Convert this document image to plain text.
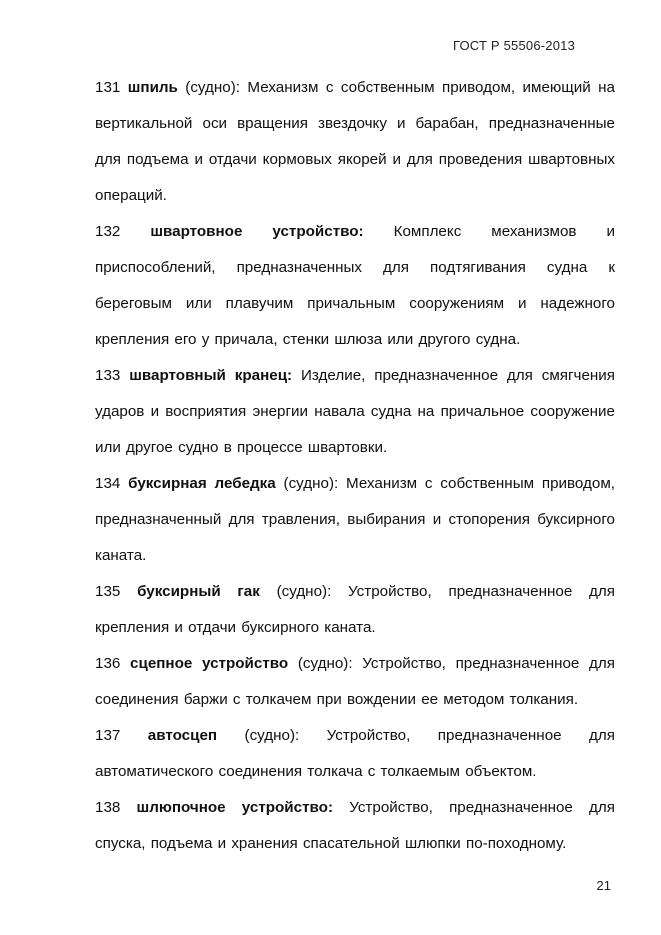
ГОСТ Р 55506-2013

131 шпиль (судно): Механизм с собственным приводом, имеющий на вертикальной оси вращения звездочку и барабан, предназначенные для подъема и отдачи кормовых якорей и для проведения швартовных операций.

132 швартовное устройство: Комплекс механизмов и приспособлений, предназначенных для подтягивания судна к береговым или плавучим причальным сооружениям и надежного крепления его у причала, стенки шлюза или другого судна.

133 швартовный кранец: Изделие, предназначенное для смягчения ударов и восприятия энергии навала судна на причальное сооружение или другое судно в процессе швартовки.

134 буксирная лебедка (судно): Механизм с собственным приводом, предназначенный для травления, выбирания и стопорения буксирного каната.

135 буксирный гак (судно): Устройство, предназначенное для крепления и отдачи буксирного каната.

136 сцепное устройство (судно): Устройство, предназначенное для соединения баржи с толкачем при вождении ее методом толкания.

137 автосцеп (судно): Устройство, предназначенное для автоматического соединения толкача с толкаемым объектом.

138 шлюпочное устройство: Устройство, предназначенное для спуска, подъема и хранения спасательной шлюпки по-походному.

21
